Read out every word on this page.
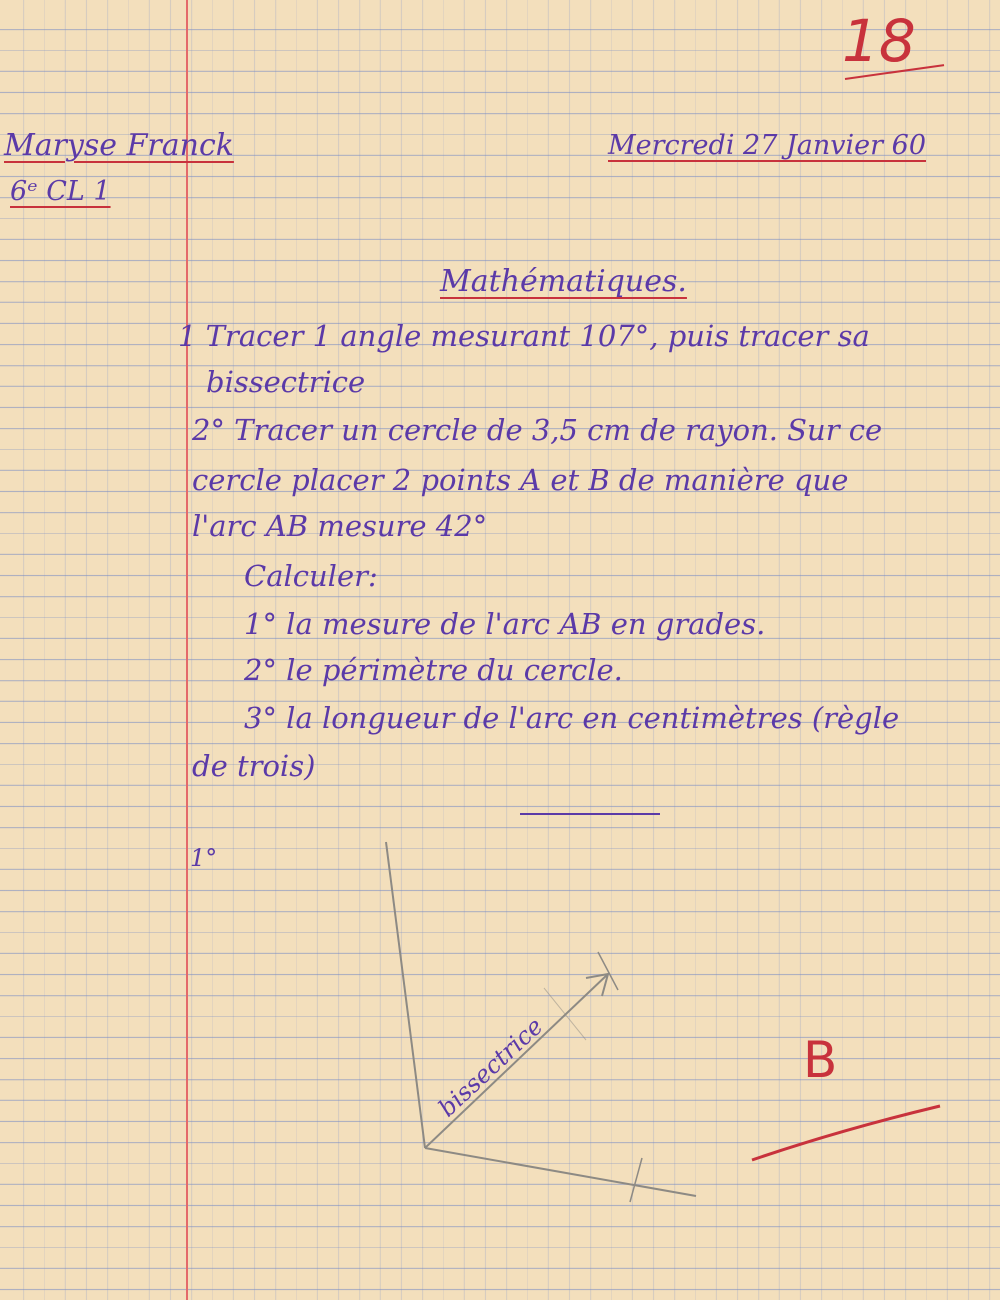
18

Maryse Franck

6ᵉ CL 1

Mercredi 27 Janvier 60

Mathématiques.

1 Tracer 1 angle mesurant 107°, puis tracer sa

bissectrice

2° Tracer un cercle de 3,5 cm de rayon. Sur ce

cercle placer 2 points A et B de manière que

l'arc AB mesure 42°

Calculer:

1° la mesure de l'arc AB en grades.

2° le périmètre du cercle.

3° la longueur de l'arc en centimètres (règle

de trois)

1°

bissectrice	B
